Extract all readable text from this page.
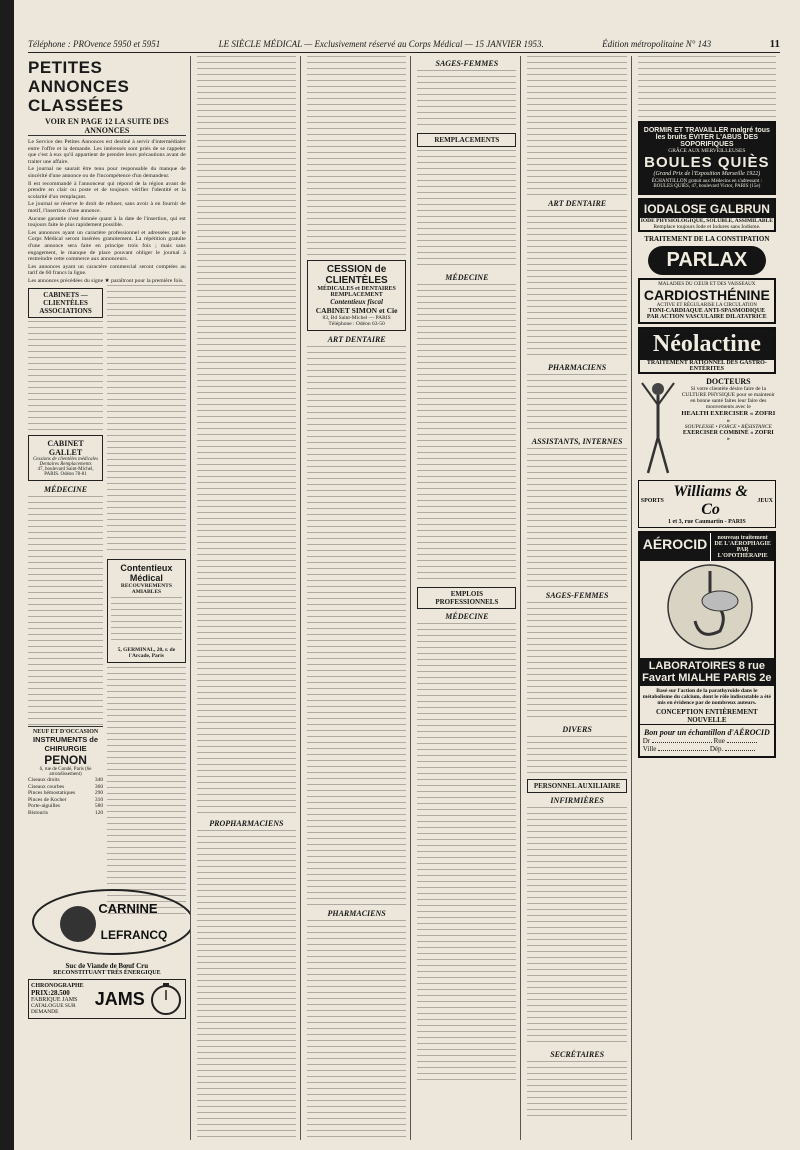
Téléphone : PROvence 5950 et 5951	LE SIÈCLE MÉDICAL — Exclusivement réservé au Corps Médical — 15 JANVIER 1953.	Édition métropolitaine N° 143	11
PETITES ANNONCES CLASSÉES
VOIR EN PAGE 12 LA SUITE DES ANNONCES

Le Service des Petites Annonces est destiné à servir d'intermédiaire entre l'offre et la demande. Les intéressés sont priés de se rappeler que c'est à eux qu'il appartient de prendre leurs précautions avant de traiter une affaire.

Le journal ne saurait être tenu pour responsable du manque de sincérité d'une annonce ou de l'incompétence d'un demandeur.

Il est recommandé à l'annonceur qui répond de la région avant de prendre en clair ou poste et de toujours vérifier l'identité et la scolarité d'un remplaçant.

Le journal se réserve le droit de refuser, sans avoir à en fournir de motif, l'insertion d'une annonce.

Aucune garantie n'est donnée quant à la date de l'insertion, qui est toujours faite le plus rapidement possible.

Les annonces ayant un caractère professionnel et adressées par le Corps Médical seront insérées gratuitement. La répétition gratuite d'une annonce sera faite en principe trois fois ; mais sans engagement, le manque de place pouvant obliger le journal à restreindre cette commerce aux annonceurs.

Les annonces ayant un caractère commercial seront comptées au tarif de 60 francs la ligne.

Les annonces précédées du signe ★ paraîtront pour la première fois.

CABINETS — CLIENTÈLES ASSOCIATIONS
CABINET GALLET
Cessions de clientèles médicales Dentaires Remplacements
47, boulevard Saint-Michel, PARIS. Odéon 78-81
MÉDECINE
NEUF ET D'OCCASION
INSTRUMENTS de CHIRURGIE
PENON
6, rue de Condé, Paris (6e arrondissement)
Ciseaux droits	340
Ciseaux courbes	360
Pinces hémostatiques	290
Pinces de Kocher	310
Porte-aiguilles	580
Bistouris	120
Contentieux Médical
RECOUVREMENTS AMIABLES
5, GERMINAL, 20, r. de l'Arcade, Paris
CARNINE
LEFRANCQ
Suc de Viande de Bœuf Cru
RECONSTITUANT TRÈS ÉNERGIQUE
CHRONOGRAPHE
PRIX:28.500
FABRIQUE JAMS
CATALOGUE SUR DEMANDE
JAMS
PROPHARMACIENS
CESSION de CLIENTÈLES
MÉDICALES et DENTAIRES REMPLACEMENT
Contentieux fiscal
CABINET SIMON et Cie
83, Bd Saint-Michel — PARIS
Téléphone : Odéon 63-50
ART DENTAIRE
PHARMACIENS
SAGES-FEMMES
REMPLACEMENTS
MÉDECINE
EMPLOIS PROFESSIONNELS
MÉDECINE
ART DENTAIRE
PHARMACIENS
ASSISTANTS, INTERNES
SAGES-FEMMES
DIVERS
PERSONNEL AUXILIAIRE
INFIRMIÈRES
SECRÉTAIRES
DORMIR ET TRAVAILLER malgré tous les bruits ÉVITER L'ABUS DES SOPORIFIQUES
GRÂCE AUX MERVEILLEUSES
BOULES QUIÈS
(Grand Prix de l'Exposition Marseille 1922)
ÉCHANTILLON gratuit aux Médecins en s'adressant : BOULES QUIÈS, 47, boulevard Victor, PARIS (15e)
IODALOSE GALBRUN
IODE PHYSIOLOGIQUE, SOLUBLE, ASSIMILABLE
Remplace toujours Iode et Iodures sans Iodisme.
TRAITEMENT DE LA CONSTIPATION
PARLAX
MALADIES DU CŒUR ET DES VAISSEAUX
CARDIOSTHÉNINE
ACTIVE ET RÉGULARISE LA CIRCULATION
TONI-CARDIAQUE ANTI-SPASMODIQUE
PAR ACTION VASCULAIRE DILATATRICE
Néolactine
TRAITEMENT RATIONNEL DES GASTRO-ENTÉRITES
DOCTEURS
Si votre clientèle désire faire de la CULTURE PHYSIQUE pour se maintenir en bonne santé faites leur faire des mouvements avec le
HEALTH EXERCISER « ZOFRI »
SOUPLESSE • FORCE • RÉSISTANCE
EXERCISER COMBINÉ « ZOFRI »
SPORTS
Williams & Co	JEUX
1 et 3, rue Caumartin - PARIS
AÉROCID	nouveau traitement DE L'AÉROPHAGIE PAR L'OPOTHÉRAPIE
LABORATOIRES 8 rue Favart MIALHE PARIS 2e
Basé sur l'action de la parathyroïde dans le métabolisme du calcium, dont le rôle indiscutable a été mis en évidence par de nombreux auteurs.
CONCEPTION ENTIÈREMENT NOUVELLE
Bon pour un échantillon d'AÉROCID
Dr	Rue
Ville	Dép.
